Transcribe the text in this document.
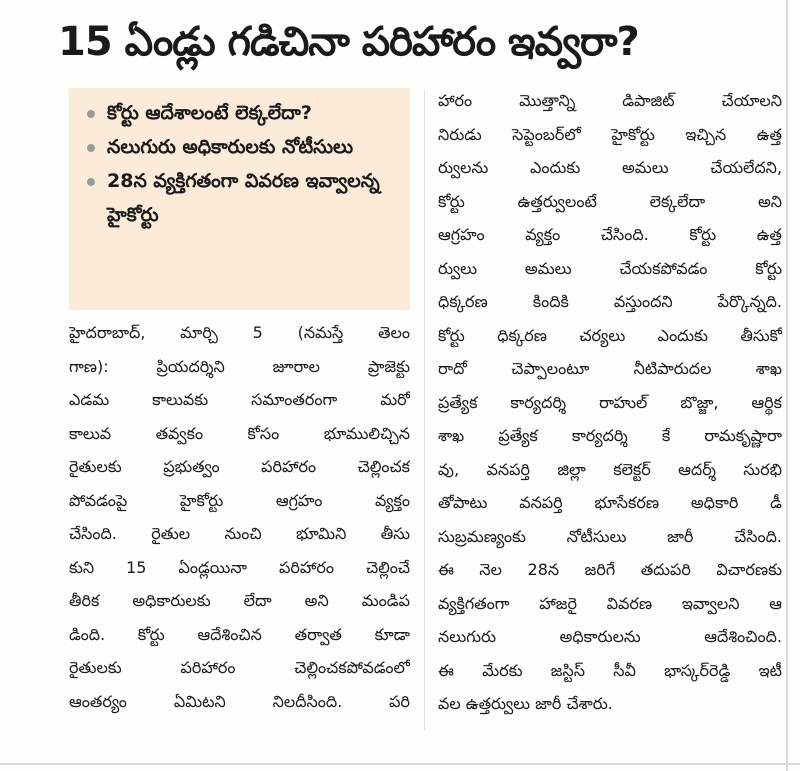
15 ఏండ్లు గడిచినా పరిహారం ఇవ్వరా?
కోర్టు ఆదేశాలంటే లెక్కలేదా?
నలుగురు అధికారులకు నోటీసులు
28న వ్యక్తిగతంగా వివరణ ఇవ్వాలన్న హైకోర్టు
హైదరాబాద్, మార్చి 5 (నమస్తే తెలం
గాణ): ప్రియదర్శిని జూరాల ప్రాజెక్టు
ఎడమ కాలువకు సమాంతరంగా మరో
కాలువ తవ్వకం కోసం భూములిచ్చిన
రైతులకు ప్రభుత్వం పరిహారం చెల్లించక
పోవడంపై హైకోర్టు ఆగ్రహం వ్యక్తం
చేసింది. రైతుల నుంచి భూమిని తీసు
కుని 15 ఏండ్లయినా పరిహారం చెల్లించే
తీరిక అధికారులకు లేదా అని మండిప
డింది. కోర్టు ఆదేశించిన తర్వాత కూడా
రైతులకు పరిహారం చెల్లించకపోవడంలో
ఆంతర్యం ఏమిటని నిలదీసింది. పరి
హారం మొత్తాన్ని డిపాజిట్ చేయాలని
నిరుడు సెప్టెంబర్‌లో హైకోర్టు ఇచ్చిన ఉత్త
ర్వులను ఎందుకు అమలు చేయలేదని,
కోర్టు ఉత్తర్వులంటే లెక్కలేదా అని
ఆగ్రహం వ్యక్తం చేసింది. కోర్టు ఉత్త
ర్వులు అమలు చేయకపోవడం కోర్టు
ధిక్కరణ కిందికి వస్తుందని పేర్కొన్నది.
కోర్టు ధిక్కరణ చర్యలు ఎందుకు తీసుకో
రాదో చెప్పాలంటూ నీటిపారుదల శాఖ
ప్రత్యేక కార్యదర్శి రాహుల్ బొజ్జా, ఆర్థిక
శాఖ ప్రత్యేక కార్యదర్శి కే రామకృష్ణారా
వు, వనపర్తి జిల్లా కలెక్టర్ ఆదర్శ్ సురభి
తోపాటు వనపర్తి భూసేకరణ అధికారి డీ
సుబ్రమణ్యంకు నోటీసులు జారీ చేసింది.
ఈ నెల 28న జరిగే తదుపరి విచారణకు
వ్యక్తిగతంగా హాజరై వివరణ ఇవ్వాలని ఆ
నలుగురు అధికారులను ఆదేశించింది.
ఈ మేరకు జస్టిస్ సీవీ భాస్కర్‌రెడ్డి ఇటీ
వల ఉత్తర్వులు జారీ చేశారు.
